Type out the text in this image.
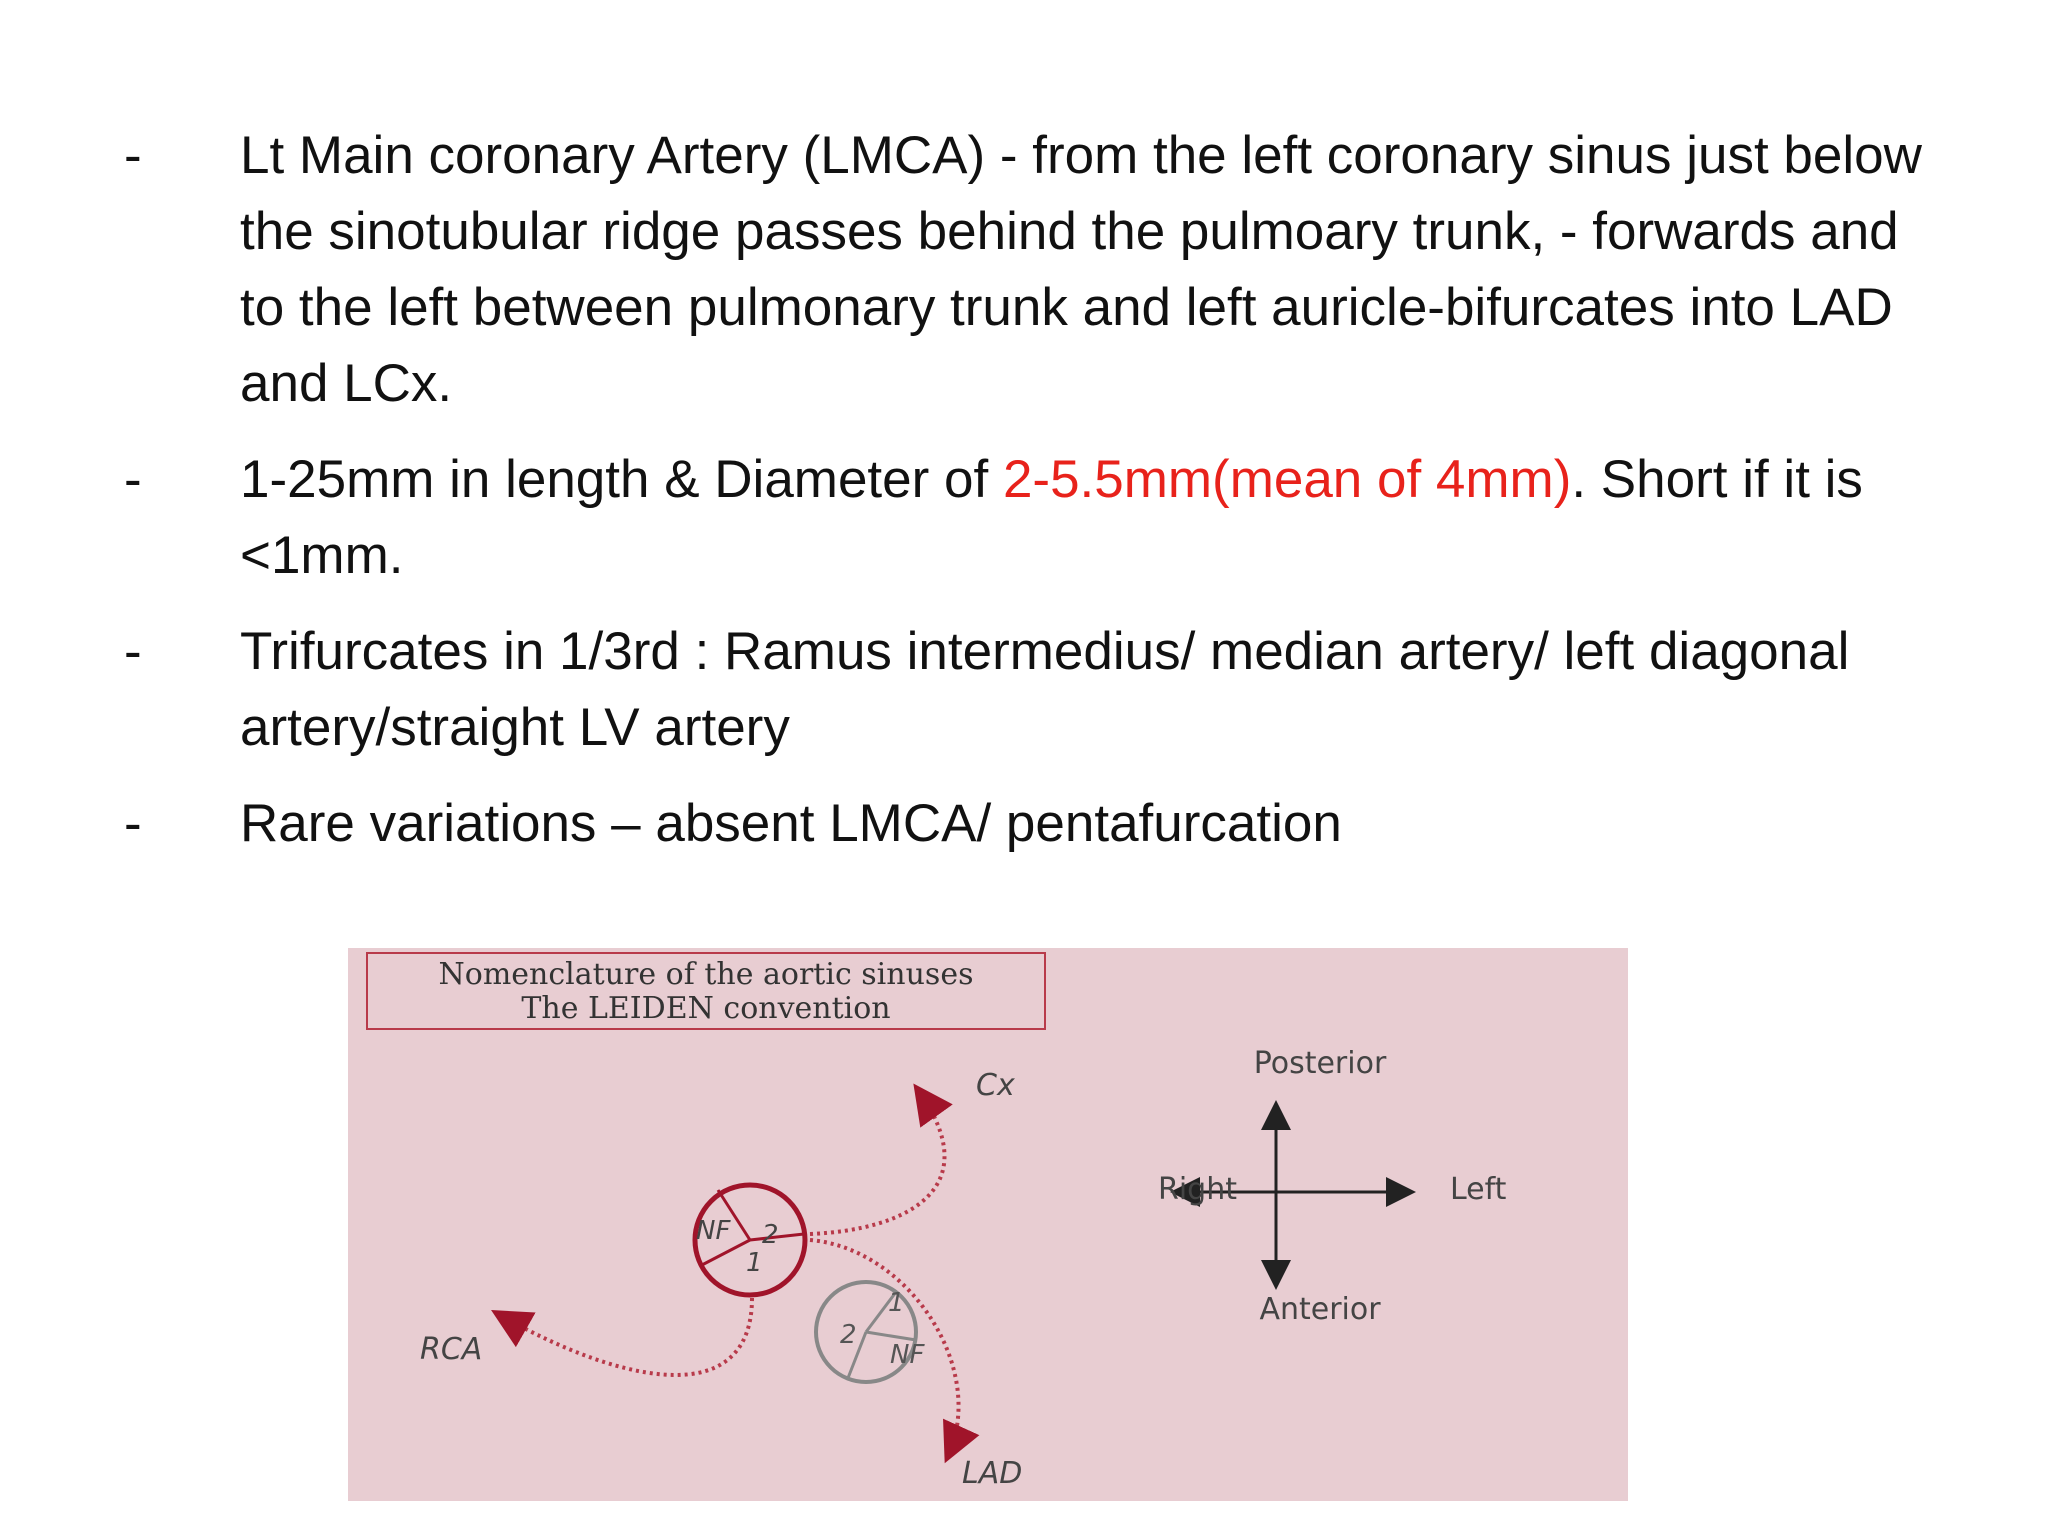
- Lt Main coronary Artery (LMCA) - from the left coronary sinus just below the sinotubular ridge passes behind the pulmoary trunk, - forwards and to the left between pulmonary trunk and left auricle-bifurcates into LAD and LCx.
- 1-25mm in length & Diameter of 2-5.5mm(mean of 4mm). Short if it is <1mm.
- Trifurcates in 1/3rd : Ramus intermedius/ median artery/ left diagonal artery/straight LV artery
- Rare variations – absent LMCA/ pentafurcation
Nomenclature of the aortic sinuses
The LEIDEN convention
NF 2
1
1
2
NF
Cx
RCA
LAD
Posterior
Anterior
Right	Left
